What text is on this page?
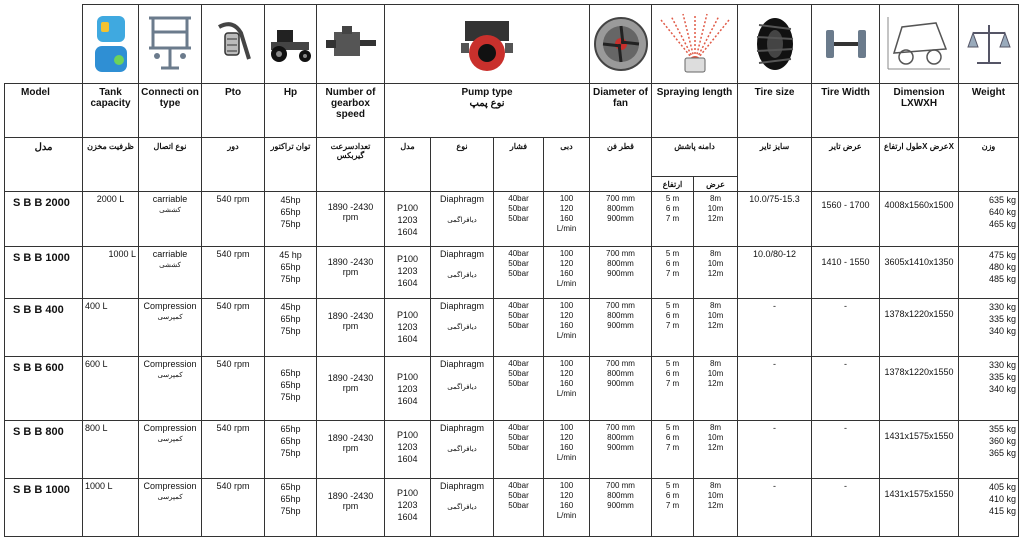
Model	Tank capacity	Connecti on type	Pto	Hp	Number of gearbox speed	Pump type
نوع پمپ				Diameter of fan	Spraying length		Tire size	Tire Width	Dimension LXWXH	Weight
مدل	ظرفیت مخزن	نوع اتصال	دور	توان تراکتور	تعدادسرعت گیربکس	مدل	نوع	فشار	دبی	قطر فن	دامنه پاشش		سایز تایر	عرض تایر	Xعرض Xطول ارتفاع	وزن
											ارتفاع	عرض				
S B B 2000	2000 L	carriable
کششی	540 rpm	45hp
65hp
75hp	1890 -2430 rpm	P100
1203
1604	Diaphragm
دیافراگمی	40bar
50bar
50bar	100
120
160
L/min	700 mm
800mm
900mm	5 m
6 m
7 m	8m
10m
12m	10.0/75-15.3	1560 - 1700	4008x1560x1500	635 kg
640 kg
465 kg

S B B 1000	1000 L	carriable
کششی	540 rpm	45 hp
65hp
75hp	1890 -2430 rpm	P100
1203
1604	Diaphragm
دیافراگمی	40bar
50bar
50bar	100
120
160
L/min	700 mm
800mm
900mm	5 m
6 m
7 m	8m
10m
12m	10.0/80-12	1410 - 1550	3605x1410x1350	475 kg
480 kg
485 kg

S B B 400	400 L	Compression
کمپرسی	540 rpm	45hp
65hp
75hp	1890 -2430 rpm	P100
1203
1604	Diaphragm
دیافراگمی	40bar
50bar
50bar	100
120
160
L/min	700 mm
800mm
900mm	5 m
6 m
7 m	8m
10m
12m	-	-	1378x1220x1550	330 kg
335 kg
340 kg

S B B 600	600 L	Compression
کمپرسی	540 rpm	65hp
65hp
75hp	1890 -2430 rpm	P100
1203
1604	Diaphragm
دیافراگمی	40bar
50bar
50bar	100
120
160
L/min	700 mm
800mm
900mm	5 m
6 m
7 m	8m
10m
12m	-	-	1378x1220x1550	330 kg
335 kg
340 kg

S B B 800	800 L	Compression
کمپرسی	540 rpm	65hp
65hp
75hp	1890 -2430 rpm	P100
1203
1604	Diaphragm
دیافراگمی	40bar
50bar
50bar	100
120
160
L/min	700 mm
800mm
900mm	5 m
6 m
7 m	8m
10m
12m	-	-	1431x1575x1550	355 kg
360 kg
365 kg

S B B 1000	1000 L	Compression
کمپرسی	540 rpm	65hp
65hp
75hp	1890 -2430 rpm	P100
1203
1604	Diaphragm
دیافراگمی	40bar
50bar
50bar	100
120
160
L/min	700 mm
800mm
900mm	5 m
6 m
7 m	8m
10m
12m	-	-	1431x1575x1550	405 kg
410 kg
415 kg
